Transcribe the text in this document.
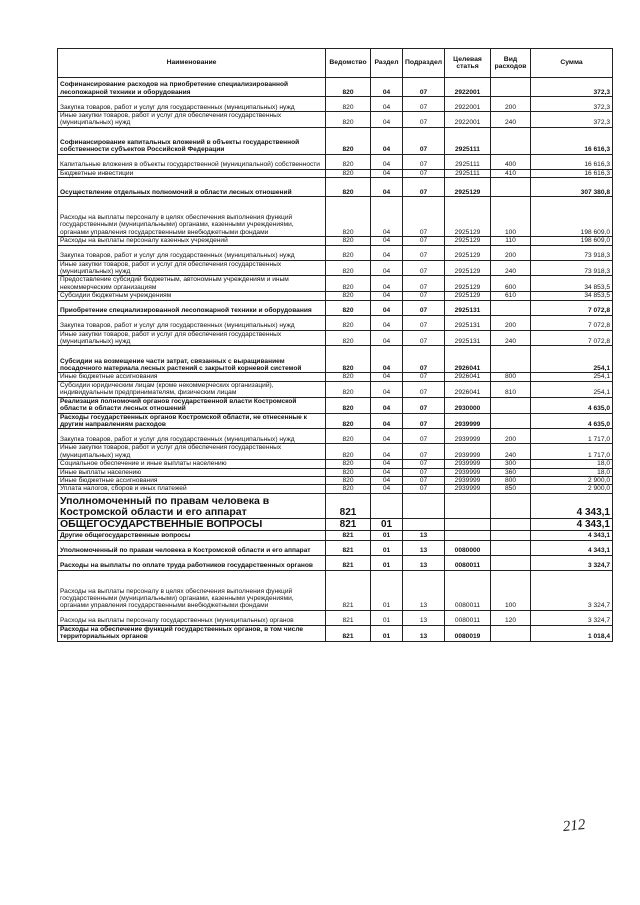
Наименование	Ведомство	Раздел	Подраздел	Целевая статья	Вид расходов	Сумма
Софинансирование расходов на приобретение специализированной лесопожарной техники и оборудования	820	04	07	2922001		372,3
Закупка товаров, работ и услуг для государственных (муниципальных) нужд	820	04	07	2922001	200	372,3
Иные закупки товаров, работ и услуг для обеспечения государственных (муниципальных) нужд	820	04	07	2922001	240	372,3
Софинансирование капитальных вложений в объекты государственной собственности субъектов Российской Федерации	820	04	07	2925111		16 616,3
Капитальные вложения в объекты государственной (муниципальной) собственности	820	04	07	2925111	400	16 616,3
Бюджетные инвестиции	820	04	07	2925111	410	16 616,3
Осуществление отдельных полномочий в области лесных отношений	820	04	07	2925129		307 380,8
Расходы на выплаты персоналу в целях обеспечения выполнения функций государственными (муниципальными) органами, казенными учреждениями, органами управления государственными внебюджетными фондами	820	04	07	2925129	100	198 609,0
Расходы на выплаты персоналу казенных учреждений	820	04	07	2925129	110	198 609,0
Закупка товаров, работ и услуг для государственных (муниципальных) нужд	820	04	07	2925129	200	73 918,3
Иные закупки товаров, работ и услуг для обеспечения государственных (муниципальных) нужд	820	04	07	2925129	240	73 918,3
Предоставление субсидий бюджетным, автономным учреждениям и иным некоммерческим организациям	820	04	07	2925129	600	34 853,5
Субсидии бюджетным учреждениям	820	04	07	2925129	610	34 853,5
Приобретение специализированной лесопожарной техники и оборудования	820	04	07	2925131		7 072,8
Закупка товаров, работ и услуг для государственных (муниципальных) нужд	820	04	07	2925131	200	7 072,8
Иные закупки товаров, работ и услуг для обеспечения государственных (муниципальных) нужд	820	04	07	2925131	240	7 072,8
Субсидии на возмещение части затрат, связанных с выращиванием посадочного материала лесных растений с закрытой корневой системой	820	04	07	2926041		254,1
Иные бюджетные ассигнования	820	04	07	2926041	800	254,1
Субсидии юридическим лицам (кроме некоммерческих организаций), индивидуальным предпринимателям, физическим лицам	820	04	07	2926041	810	254,1
Реализация полномочий органов государственной власти Костромской области в области лесных отношений	820	04	07	2930000		4 635,0
Расходы государственных органов Костромской области, не отнесенные к другим направлениям расходов	820	04	07	2939999		4 635,0
Закупка товаров, работ и услуг для государственных (муниципальных) нужд	820	04	07	2939999	200	1 717,0
Иные закупки товаров, работ и услуг для обеспечения государственных (муниципальных) нужд	820	04	07	2939999	240	1 717,0
Социальное обеспечение и иные выплаты населению	820	04	07	2939999	300	18,0
Иные выплаты населению	820	04	07	2939999	360	18,0
Иные бюджетные ассигнования	820	04	07	2939999	800	2 900,0
Уплата налогов, сборов и иных платежей	820	04	07	2939999	850	2 900,0
Уполномоченный по правам человека в Костромской области и его аппарат	821					4 343,1
ОБЩЕГОСУДАРСТВЕННЫЕ ВОПРОСЫ	821	01				4 343,1
Другие общегосударственные вопросы	821	01	13			4 343,1
Уполномоченный по правам человека в Костромской области и его аппарат	821	01	13	0080000		4 343,1
Расходы на выплаты по оплате труда работников государственных органов	821	01	13	0080011		3 324,7
Расходы на выплаты персоналу в целях обеспечения выполнения функций государственными (муниципальными) органами, казенными учреждениями, органами управления государственными внебюджетными фондами	821	01	13	0080011	100	3 324,7
Расходы на выплаты персоналу государственных (муниципальных) органов	821	01	13	0080011	120	3 324,7
Расходы на обеспечение функций государственных органов, в том числе территориальных органов	821	01	13	0080019		1 018,4
212
